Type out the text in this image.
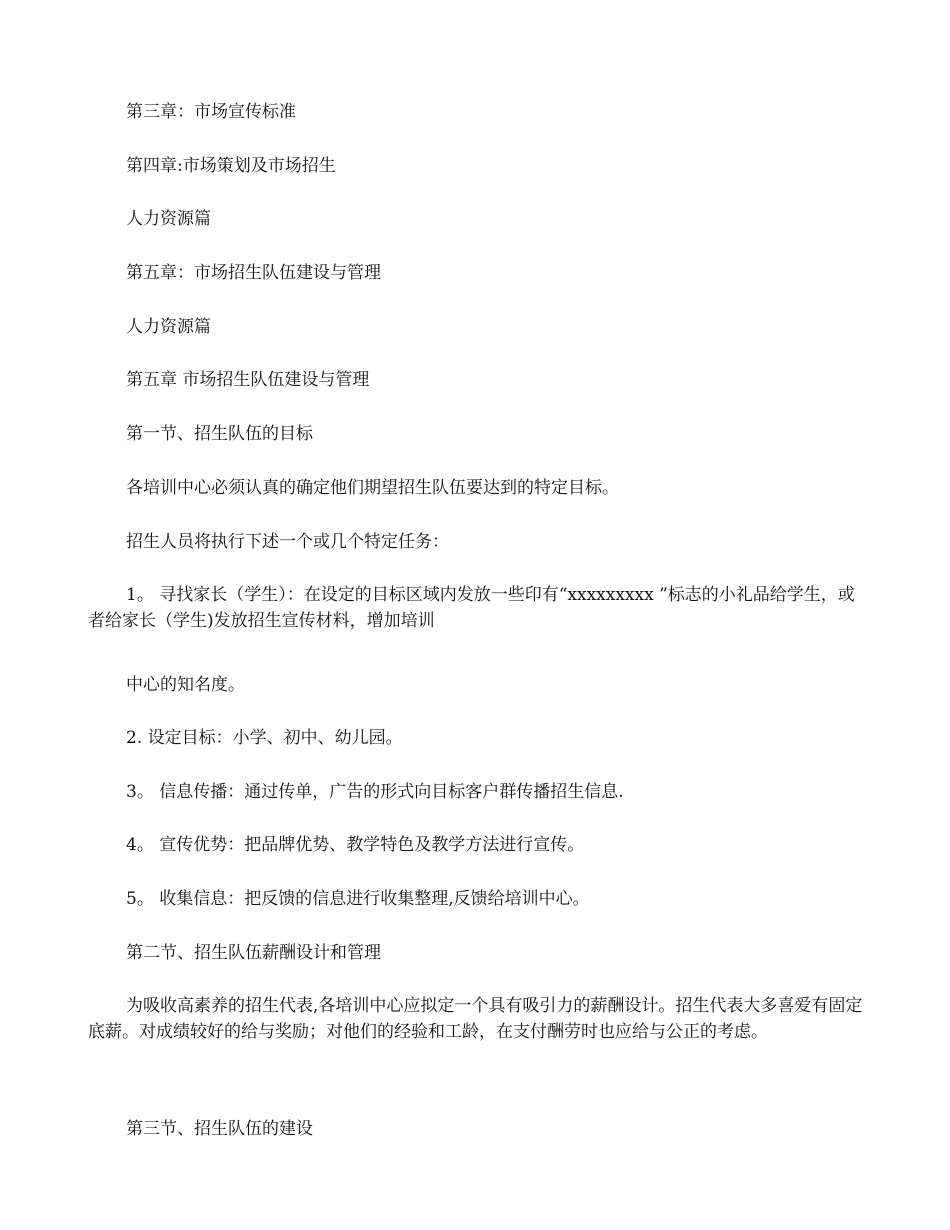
第三章：市场宣传标准

第四章:市场策划及市场招生

人力资源篇

第五章：市场招生队伍建设与管理

人力资源篇

第五章 市场招生队伍建设与管理

第一节、招生队伍的目标

各培训中心必须认真的确定他们期望招生队伍要达到的特定目标。

招生人员将执行下述一个或几个特定任务：

1。 寻找家长（学生）：在设定的目标区域内发放一些印有“xxxxxxxxx ”标志的小礼品给学生，或者给家长（学生)发放招生宣传材料，增加培训

中心的知名度。

2. 设定目标：小学、初中、幼儿园。

3。 信息传播：通过传单，广告的形式向目标客户群传播招生信息.

4。 宣传优势：把品牌优势、教学特色及教学方法进行宣传。

5。 收集信息：把反馈的信息进行收集整理,反馈给培训中心。

第二节、招生队伍薪酬设计和管理

为吸收高素养的招生代表,各培训中心应拟定一个具有吸引力的薪酬设计。招生代表大多喜爱有固定底薪。对成绩较好的给与奖励；对他们的经验和工龄，在支付酬劳时也应给与公正的考虑。

第三节、招生队伍的建设
